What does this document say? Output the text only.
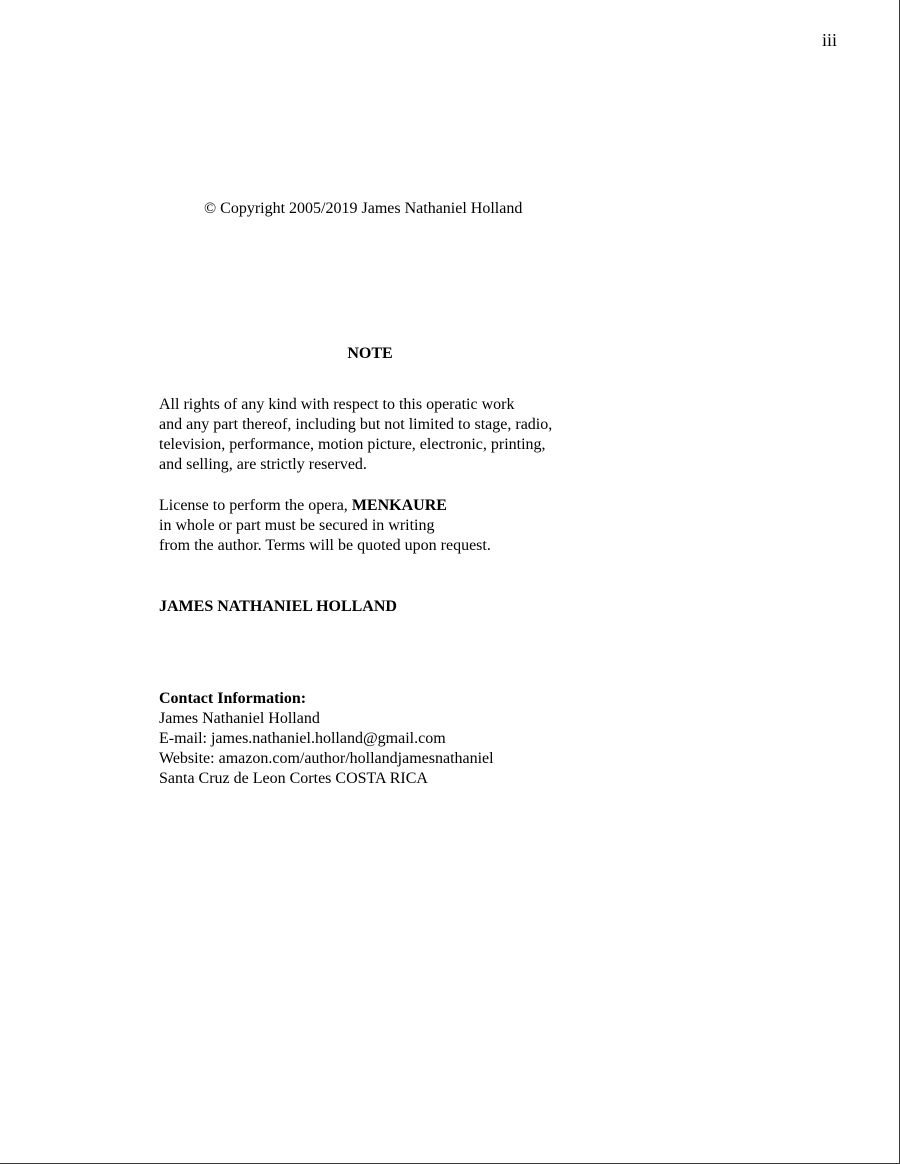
iii
© Copyright 2005/2019 James Nathaniel Holland
NOTE
All rights of any kind with respect to this operatic work
and any part thereof, including but not limited to stage, radio,
television, performance, motion picture, electronic, printing,
and selling, are strictly reserved.
License to perform the opera, MENKAURE
in whole or part must be secured in writing
from the author. Terms will be quoted upon request.
JAMES NATHANIEL HOLLAND
Contact Information:
James Nathaniel Holland
E-mail: james.nathaniel.holland@gmail.com
Website: amazon.com/author/hollandjamesnathaniel
Santa Cruz de Leon Cortes COSTA RICA
